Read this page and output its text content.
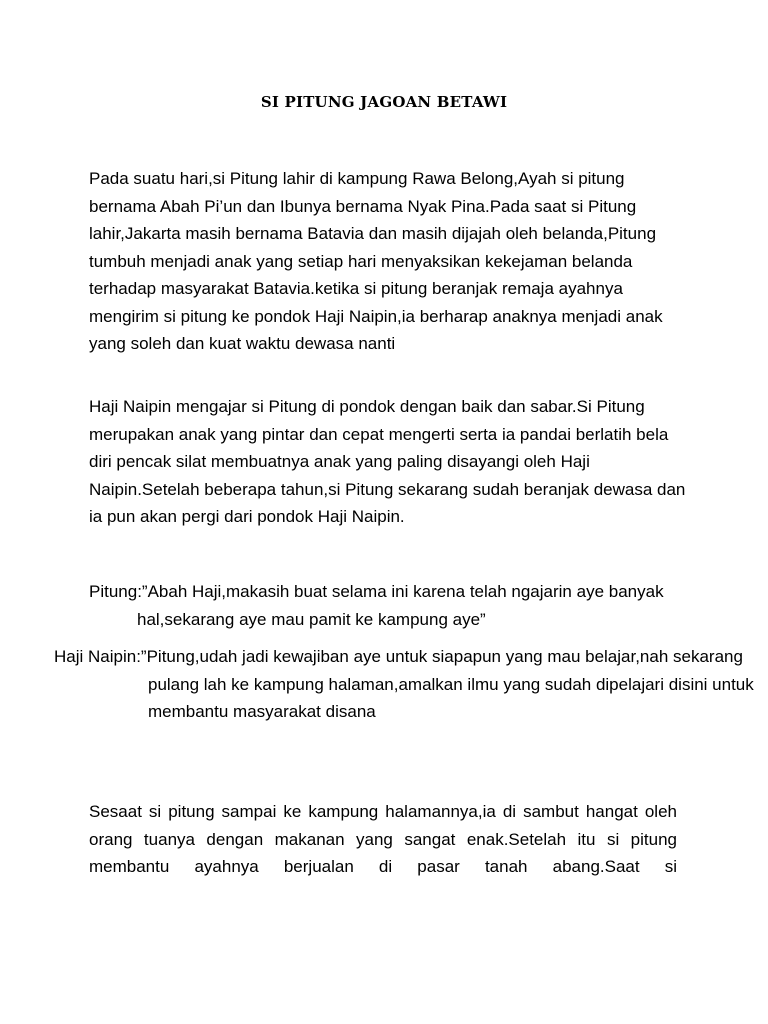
SI PITUNG JAGOAN BETAWI

Pada suatu hari,si Pitung lahir di kampung Rawa Belong,Ayah si pitung bernama Abah Pi’un dan Ibunya bernama Nyak Pina.Pada saat si Pitung lahir,Jakarta masih bernama Batavia dan masih dijajah oleh belanda,Pitung tumbuh menjadi anak yang setiap hari menyaksikan kekejaman belanda terhadap masyarakat Batavia.ketika si pitung beranjak remaja ayahnya mengirim si pitung ke pondok Haji Naipin,ia berharap anaknya menjadi anak yang soleh dan kuat waktu dewasa nanti

Haji Naipin mengajar si Pitung di pondok dengan baik dan sabar.Si Pitung merupakan anak yang pintar dan cepat mengerti serta ia pandai berlatih bela diri pencak silat membuatnya anak yang paling disayangi oleh Haji Naipin.Setelah beberapa tahun,si Pitung sekarang sudah beranjak dewasa dan ia pun akan pergi dari pondok Haji Naipin.

Pitung:”Abah Haji,makasih buat selama ini karena telah ngajarin aye banyak hal,sekarang aye mau pamit ke kampung aye”

Haji Naipin:”Pitung,udah jadi kewajiban aye untuk siapapun yang mau belajar,nah sekarang pulang lah ke kampung halaman,amalkan ilmu yang sudah dipelajari disini untuk membantu masyarakat disana

Sesaat si pitung sampai ke kampung halamannya,ia di sambut hangat oleh orang tuanya dengan makanan yang sangat enak.Setelah itu si pitung membantu ayahnya berjualan di pasar tanah abang.Saat si
